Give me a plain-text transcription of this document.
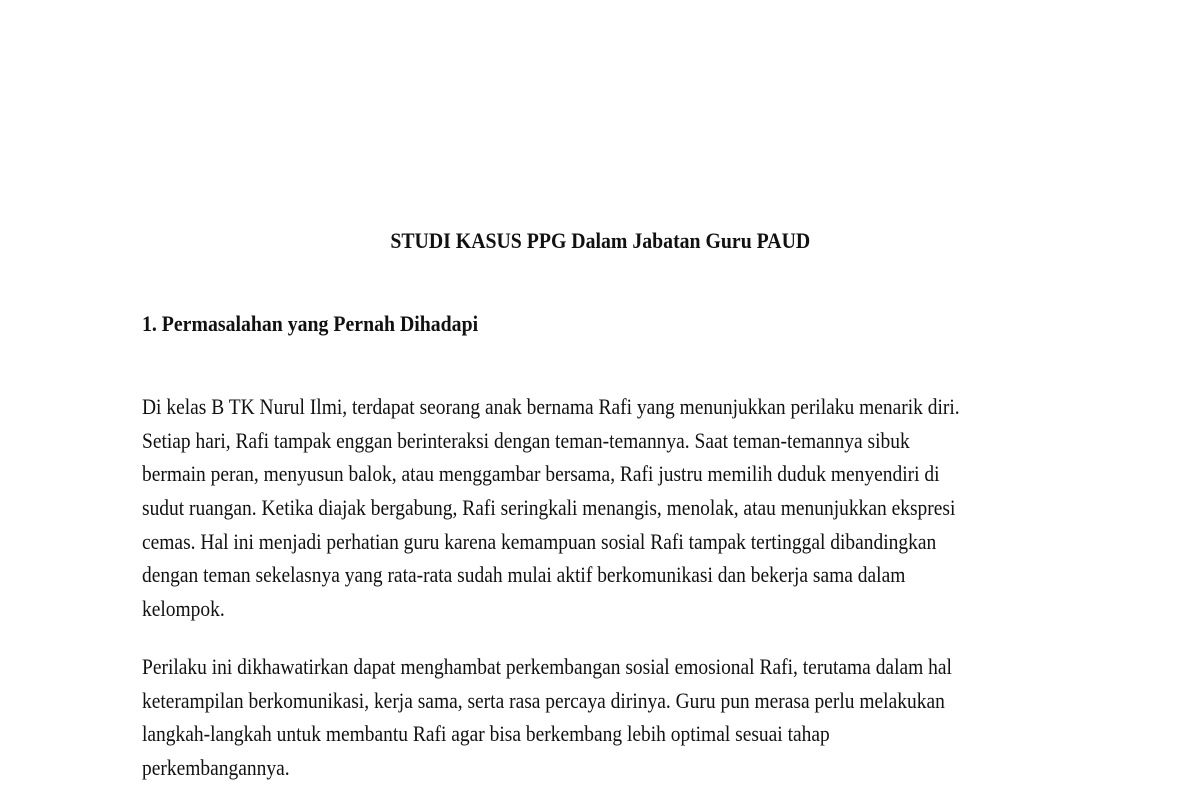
STUDI KASUS PPG Dalam Jabatan Guru PAUD
1. Permasalahan yang Pernah Dihadapi
Di kelas B TK Nurul Ilmi, terdapat seorang anak bernama Rafi yang menunjukkan perilaku menarik diri.
Setiap hari, Rafi tampak enggan berinteraksi dengan teman-temannya. Saat teman-temannya sibuk
bermain peran, menyusun balok, atau menggambar bersama, Rafi justru memilih duduk menyendiri di
sudut ruangan. Ketika diajak bergabung, Rafi seringkali menangis, menolak, atau menunjukkan ekspresi
cemas. Hal ini menjadi perhatian guru karena kemampuan sosial Rafi tampak tertinggal dibandingkan
dengan teman sekelasnya yang rata-rata sudah mulai aktif berkomunikasi dan bekerja sama dalam
kelompok.
Perilaku ini dikhawatirkan dapat menghambat perkembangan sosial emosional Rafi, terutama dalam hal
keterampilan berkomunikasi, kerja sama, serta rasa percaya dirinya. Guru pun merasa perlu melakukan
langkah-langkah untuk membantu Rafi agar bisa berkembang lebih optimal sesuai tahap
perkembangannya.
